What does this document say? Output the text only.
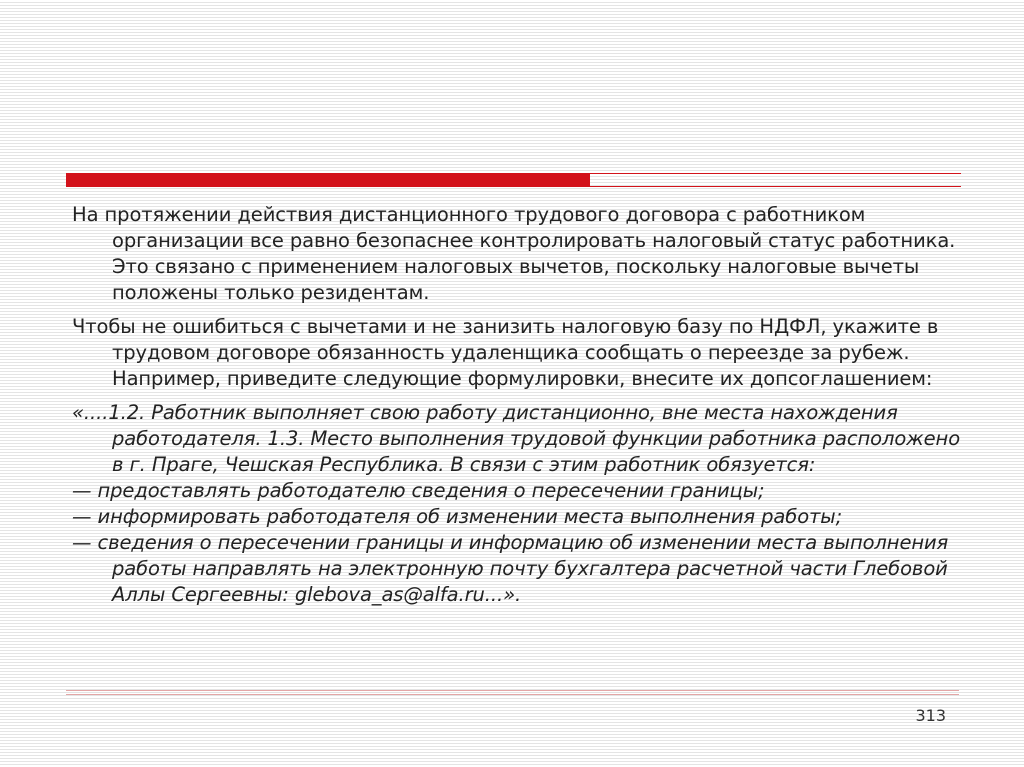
На протяжении действия дистанционного трудового договора с работником организации все равно безопаснее контролировать налоговый статус работника. Это связано с применением налоговых вычетов, поскольку налоговые вычеты положены только резидентам.

Чтобы не ошибиться с вычетами и не занизить налоговую базу по НДФЛ, укажите в трудовом договоре обязанность удаленщика сообщать о переезде за рубеж. Например, приведите следующие формулировки, внесите их допсоглашением:

«....1.2. Работник выполняет свою работу дистанционно, вне места нахождения работодателя. 1.3. Место выполнения трудовой функции работника расположено в г. Праге, Чешская Республика. В связи с этим работник обязуется:
— предоставлять работодателю сведения о пересечении границы;
— информировать работодателя об изменении места выполнения работы;
— сведения о пересечении границы и информацию об изменении места выполнения работы направлять на электронную почту бухгалтера расчетной части Глебовой Аллы Сергеевны: glebova_as@alfa.ru...».

313
